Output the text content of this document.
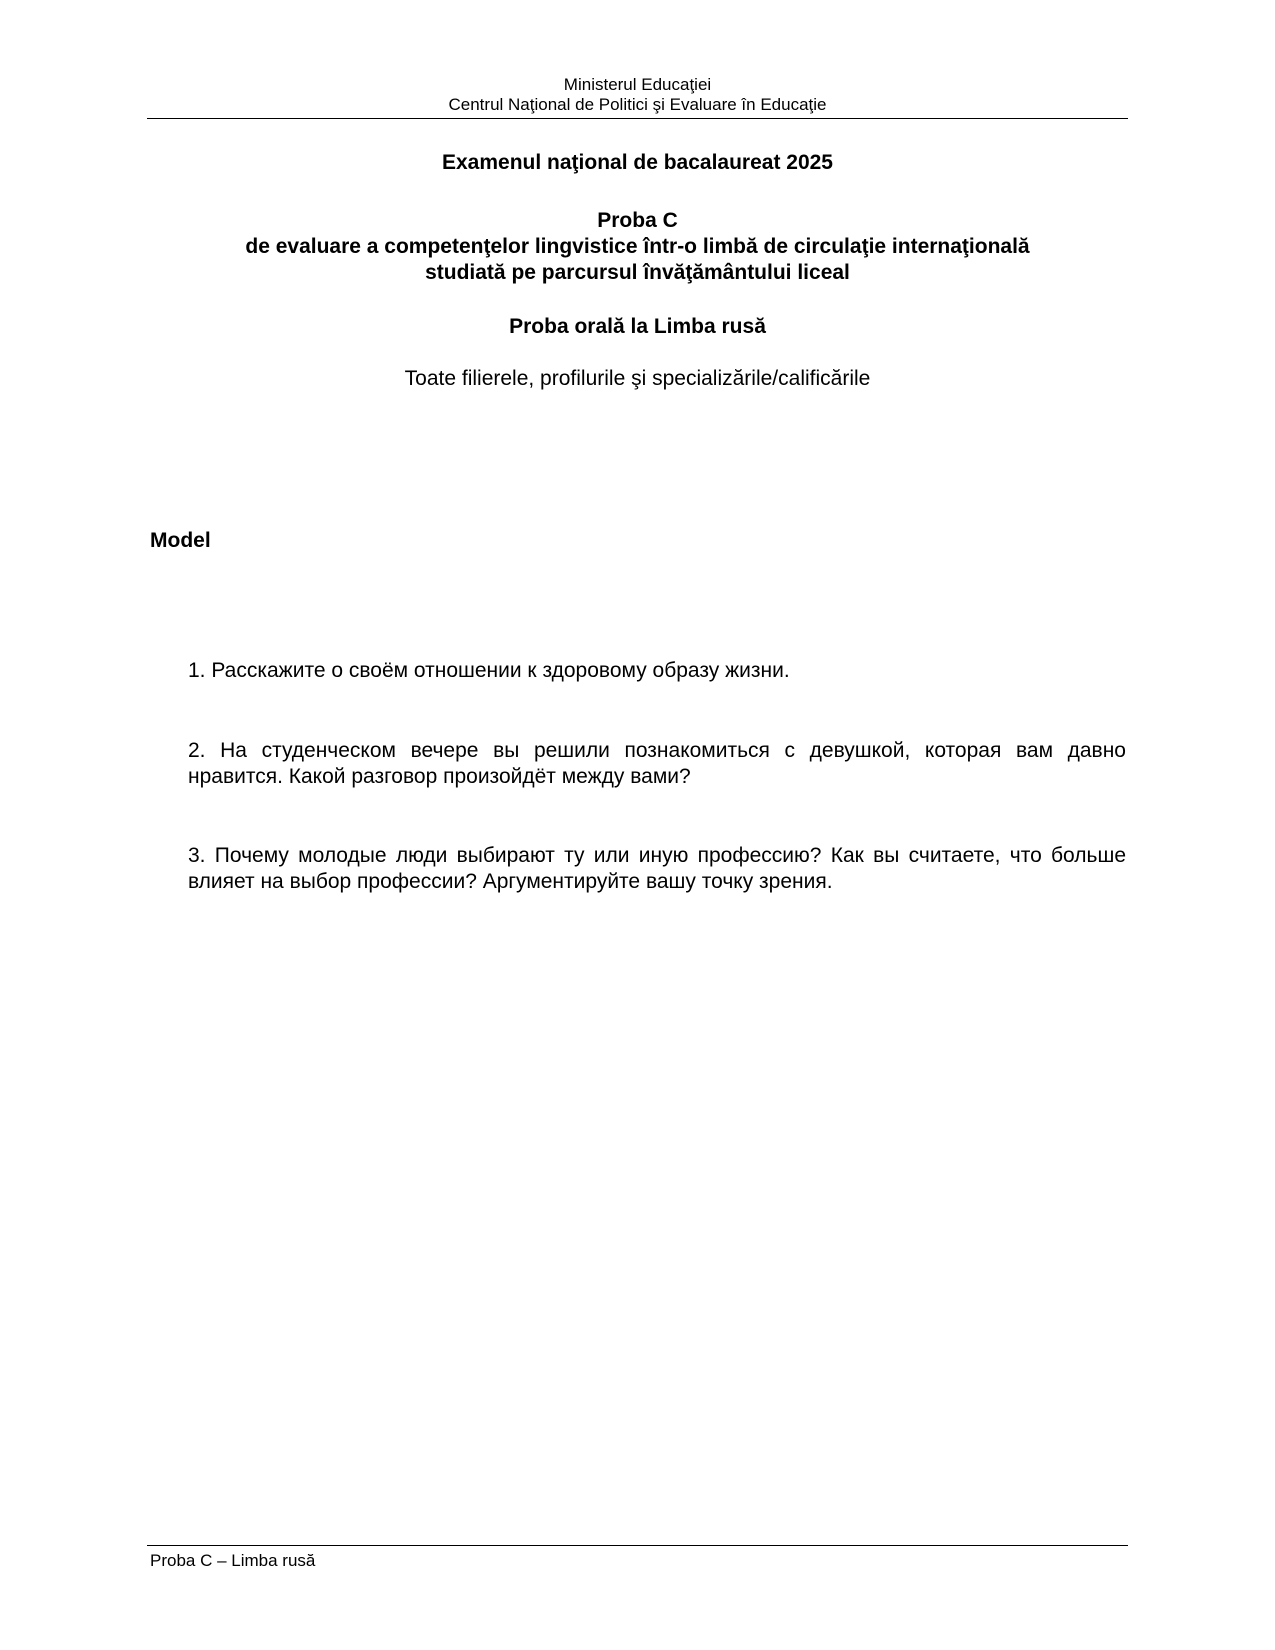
Ministerul Educaţiei
Centrul Naţional de Politici şi Evaluare în Educaţie
Examenul naţional de bacalaureat 2025
Proba C
de evaluare a competenţelor lingvistice într-o limbă de circulaţie internaţională
studiată pe parcursul învăţământului liceal
Proba orală la Limba rusă
Toate filierele, profilurile şi specializările/calificările
Model
1. Расскажите о своём отношении к здоровому образу жизни.
2. На студенческом вечере вы решили познакомиться с девушкой, которая вам давно нравится. Какой разговор произойдёт между вами?
3. Почему молодые люди выбирают ту или иную профессию? Как вы считаете, что больше влияет на выбор профессии? Аргументируйте вашу точку зрения.
Proba C – Limba rusă
